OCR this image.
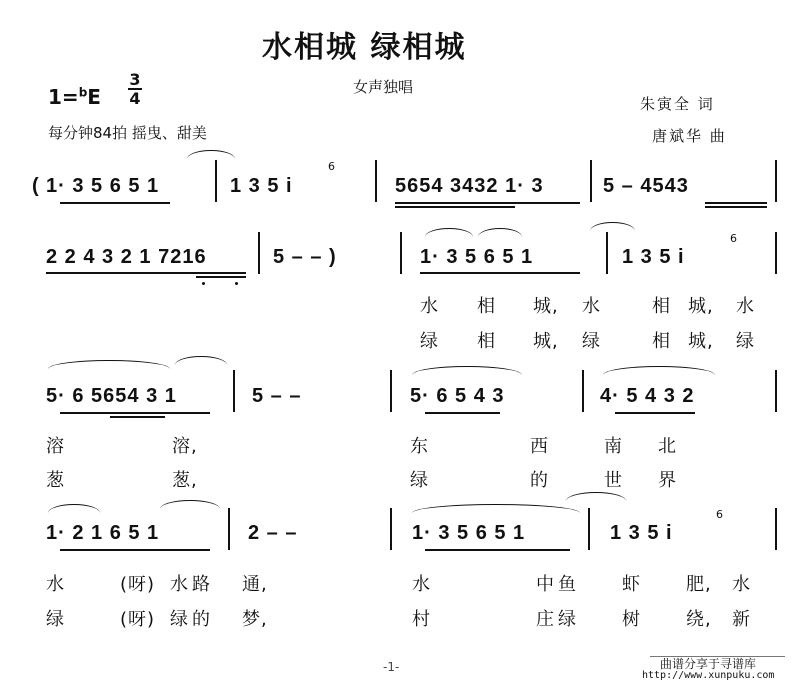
水相城 绿相城
女声独唱
1=$^b$E
3
4
每分钟84拍 摇曳、甜美
朱寅全 词
唐斌华 曲
( 1· 3 5 6 5 1	1 3 5 i
6
5654 3432 1· 3	5 – 4543
2 2 4 3 2 1 7216	5 – – )	1· 3 5 6 5 1	1 3 5 i
6
水 相 城, 水	相 城, 水
绿 相 城, 绿	相 城, 绿
5· 6 5654 3 1	5 – –	5· 6 5 4 3	4· 5 4 3 2
溶	溶,	东	西	南 北
葱	葱,	绿	的	世 界
1· 2 1 6 5 1	2 – –	1· 3 5 6 5 1	1 3 5 i
6
水	(呀) 水 路 通,	水	中 鱼	虾	肥, 水
绿	(呀) 绿 的 梦,	村	庄 绿	树	绕, 新
-1-	曲谱分享于寻谱库
http://www.xunpuku.com
